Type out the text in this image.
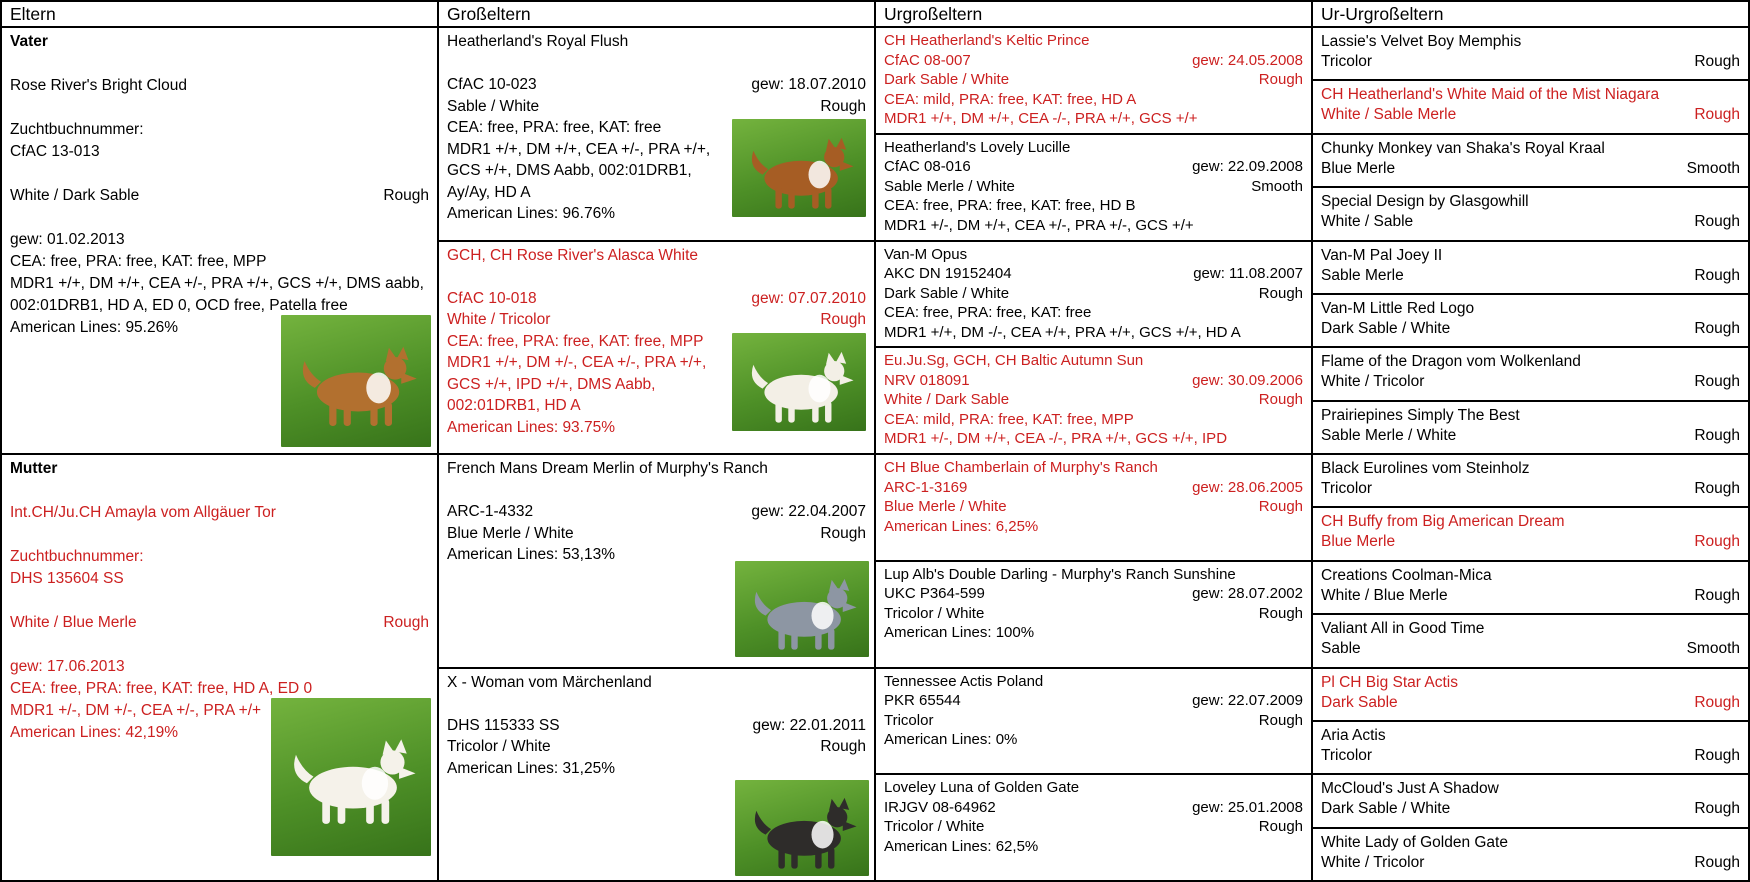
Eltern
Vater
Rose River's Bright Cloud
Zuchtbuchnummer:
CfAC 13-013
White / Dark Sable	Rough
gew: 01.02.2013
CEA: free, PRA: free, KAT: free, MPP
MDR1 +/+, DM +/+, CEA +/-, PRA +/+, GCS +/+, DMS aabb, 002:01DRB1, HD A, ED 0, OCD free, Patella free
American Lines: 95.26%
Mutter
Int.CH/Ju.CH Amayla vom Allgäuer Tor
Zuchtbuchnummer:
DHS 135604 SS
White / Blue Merle	Rough
gew: 17.06.2013
CEA: free, PRA: free, KAT: free, HD A, ED 0
MDR1 +/-, DM +/-, CEA +/-, PRA +/+
American Lines: 42,19%
Großeltern
Heatherland's Royal Flush
CfAC 10-023	gew: 18.07.2010
Sable / White	Rough
CEA: free, PRA: free, KAT: free
MDR1 +/+, DM +/+, CEA +/-, PRA +/+, GCS +/+, DMS Aabb, 002:01DRB1, Ay/Ay, HD A
American Lines: 96.76%
GCH, CH Rose River's Alasca White
CfAC 10-018	gew: 07.07.2010
White / Tricolor	Rough
CEA: free, PRA: free, KAT: free, MPP
MDR1 +/+, DM +/-, CEA +/-, PRA +/+, GCS +/+, IPD +/+, DMS Aabb, 002:01DRB1, HD A
American Lines: 93.75%
French Mans Dream Merlin of Murphy's Ranch
ARC-1-4332	gew: 22.04.2007
Blue Merle / White	Rough
American Lines: 53,13%
X - Woman vom Märchenland
DHS 115333 SS	gew: 22.01.2011
Tricolor / White	Rough
American Lines: 31,25%
Urgroßeltern
CH Heatherland's Keltic Prince
CfAC 08-007	gew: 24.05.2008
Dark Sable / White	Rough
CEA: mild, PRA: free, KAT: free, HD A
MDR1 +/+, DM +/+, CEA -/-, PRA +/+, GCS +/+
Heatherland's Lovely Lucille
CfAC 08-016	gew: 22.09.2008
Sable Merle / White	Smooth
CEA: free, PRA: free, KAT: free, HD B
MDR1 +/-, DM +/+, CEA +/-, PRA +/-, GCS +/+
Van-M Opus
AKC DN 19152404	gew: 11.08.2007
Dark Sable / White	Rough
CEA: free, PRA: free, KAT: free
MDR1 +/+, DM -/-, CEA +/+, PRA +/+, GCS +/+, HD A
Eu.Ju.Sg, GCH, CH Baltic Autumn Sun
NRV 018091	gew: 30.09.2006
White / Dark Sable	Rough
CEA: mild, PRA: free, KAT: free, MPP
MDR1 +/-, DM +/+, CEA -/-, PRA +/+, GCS +/+, IPD
CH Blue Chamberlain of Murphy's Ranch
ARC-1-3169	gew: 28.06.2005
Blue Merle / White	Rough
American Lines: 6,25%
Lup Alb's Double Darling - Murphy's Ranch Sunshine
UKC P364-599	gew: 28.07.2002
Tricolor / White	Rough
American Lines: 100%
Tennessee Actis Poland
PKR 65544	gew: 22.07.2009
Tricolor	Rough
American Lines: 0%
Loveley Luna of Golden Gate
IRJGV 08-64962	gew: 25.01.2008
Tricolor / White	Rough
American Lines: 62,5%
Ur-Urgroßeltern
Lassie's Velvet Boy Memphis
Tricolor	Rough
CH Heatherland's White Maid of the Mist Niagara
White / Sable Merle	Rough
Chunky Monkey van Shaka's Royal Kraal
Blue Merle	Smooth
Special Design by Glasgowhill
White / Sable	Rough
Van-M Pal Joey II
Sable Merle	Rough
Van-M Little Red Logo
Dark Sable / White	Rough
Flame of the Dragon vom Wolkenland
White / Tricolor	Rough
Prairiepines Simply The Best
Sable Merle / White	Rough
Black Eurolines vom Steinholz
Tricolor	Rough
CH Buffy from Big American Dream
Blue Merle	Rough
Creations Coolman-Mica
White / Blue Merle	Rough
Valiant All in Good Time
Sable	Smooth
Pl CH Big Star Actis
Dark Sable	Rough
Aria Actis
Tricolor	Rough
McCloud's Just A Shadow
Dark Sable / White	Rough
White Lady of Golden Gate
White / Tricolor	Rough
